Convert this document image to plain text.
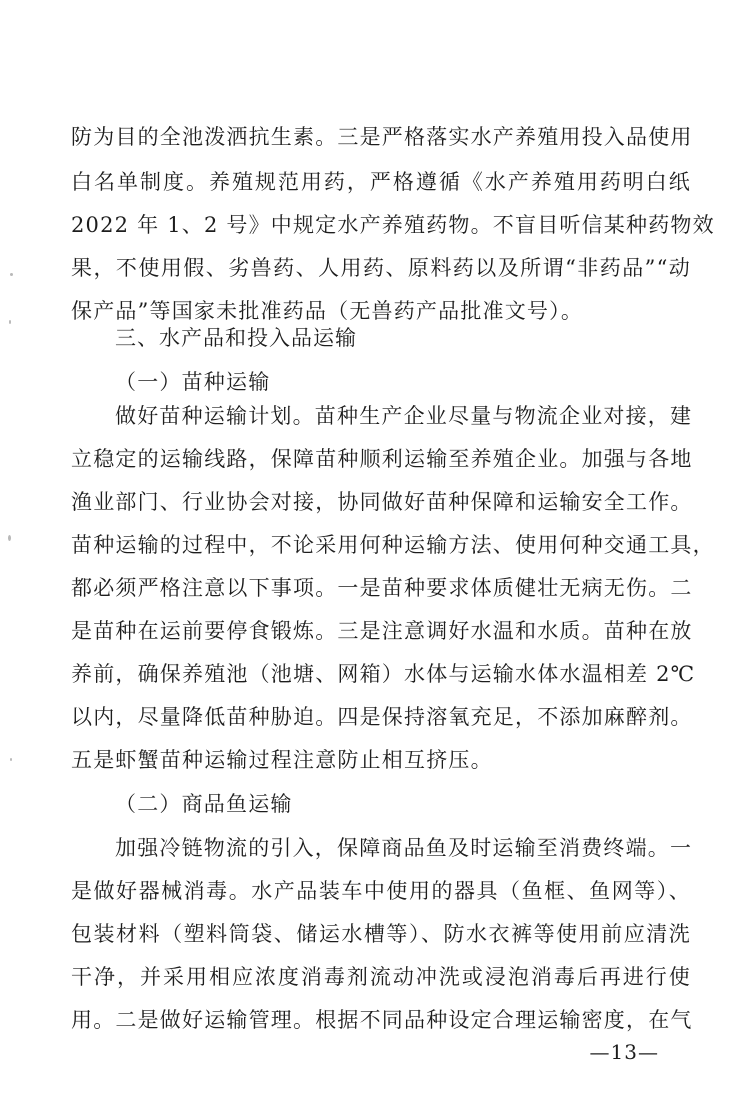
防为目的全池泼洒抗生素。三是严格落实水产养殖用投入品使用
白名单制度。养殖规范用药，严格遵循《水产养殖用药明白纸
2022 年 1、2 号》中规定水产养殖药物。不盲目听信某种药物效
果，不使用假、劣兽药、人用药、原料药以及所谓“非药品”“动
保产品”等国家未批准药品（无兽药产品批准文号）。
三、水产品和投入品运输
（一）苗种运输
做好苗种运输计划。苗种生产企业尽量与物流企业对接，建
立稳定的运输线路，保障苗种顺利运输至养殖企业。加强与各地
渔业部门、行业协会对接，协同做好苗种保障和运输安全工作。
苗种运输的过程中，不论采用何种运输方法、使用何种交通工具，
都必须严格注意以下事项。一是苗种要求体质健壮无病无伤。二
是苗种在运前要停食锻炼。三是注意调好水温和水质。苗种在放
养前，确保养殖池（池塘、网箱）水体与运输水体水温相差 2℃
以内，尽量降低苗种胁迫。四是保持溶氧充足，不添加麻醉剂。
五是虾蟹苗种运输过程注意防止相互挤压。
（二）商品鱼运输
加强冷链物流的引入，保障商品鱼及时运输至消费终端。一
是做好器械消毒。水产品装车中使用的器具（鱼框、鱼网等）、
包装材料（塑料筒袋、储运水槽等）、防水衣裤等使用前应清洗
干净，并采用相应浓度消毒剂流动冲洗或浸泡消毒后再进行使
用。二是做好运输管理。根据不同品种设定合理运输密度，在气
—13—
